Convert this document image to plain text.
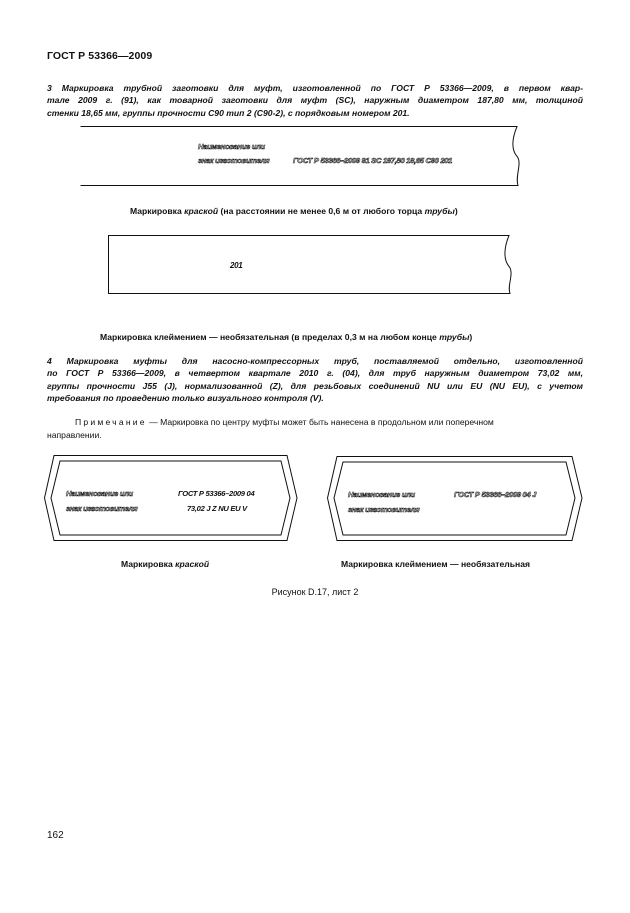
ГОСТ Р 53366—2009
3 Маркировка трубной заготовки для муфт, изготовленной по ГОСТ Р 53366—2009, в первом квар-
тале 2009 г. (91), как товарной заготовки для муфт (SC), наружным диаметром 187,80 мм, толщиной
стенки 18,65 мм, группы прочности С90 тип 2 (С90-2), с порядковым номером 201.
Наименование или
знак изготовителя	ГОСТ Р 53366–2009 91 SC 187,80 18,65 С90 201
Маркировка краской (на расстоянии не менее 0,6 м от любого торца трубы)
201
Маркировка клеймением — необязательная (в пределах 0,3 м на любом конце трубы)
4 Маркировка муфты для насосно-компрессорных труб, поставляемой отдельно, изготовленной
по ГОСТ Р 53366—2009, в четвертом квартале 2010 г. (04), для труб наружным диаметром 73,02 мм,
группы прочности J55 (J), нормализованной (Z), для резьбовых соединений NU или EU (NU EU), с учетом
требования по проведению только визуального контроля (V).
Примечание — Маркировка по центру муфты может быть нанесена в продольном или поперечном
направлении.
Наименование или
знак изготовителя
ГОСТ Р 53366–2009 04
73,02 J Z NU EU V
Маркировка краской
Наименование или
знак изготовителя
ГОСТ Р 53366–2009 04 J
Маркировка клеймением — необязательная
Рисунок D.17, лист 2
162
